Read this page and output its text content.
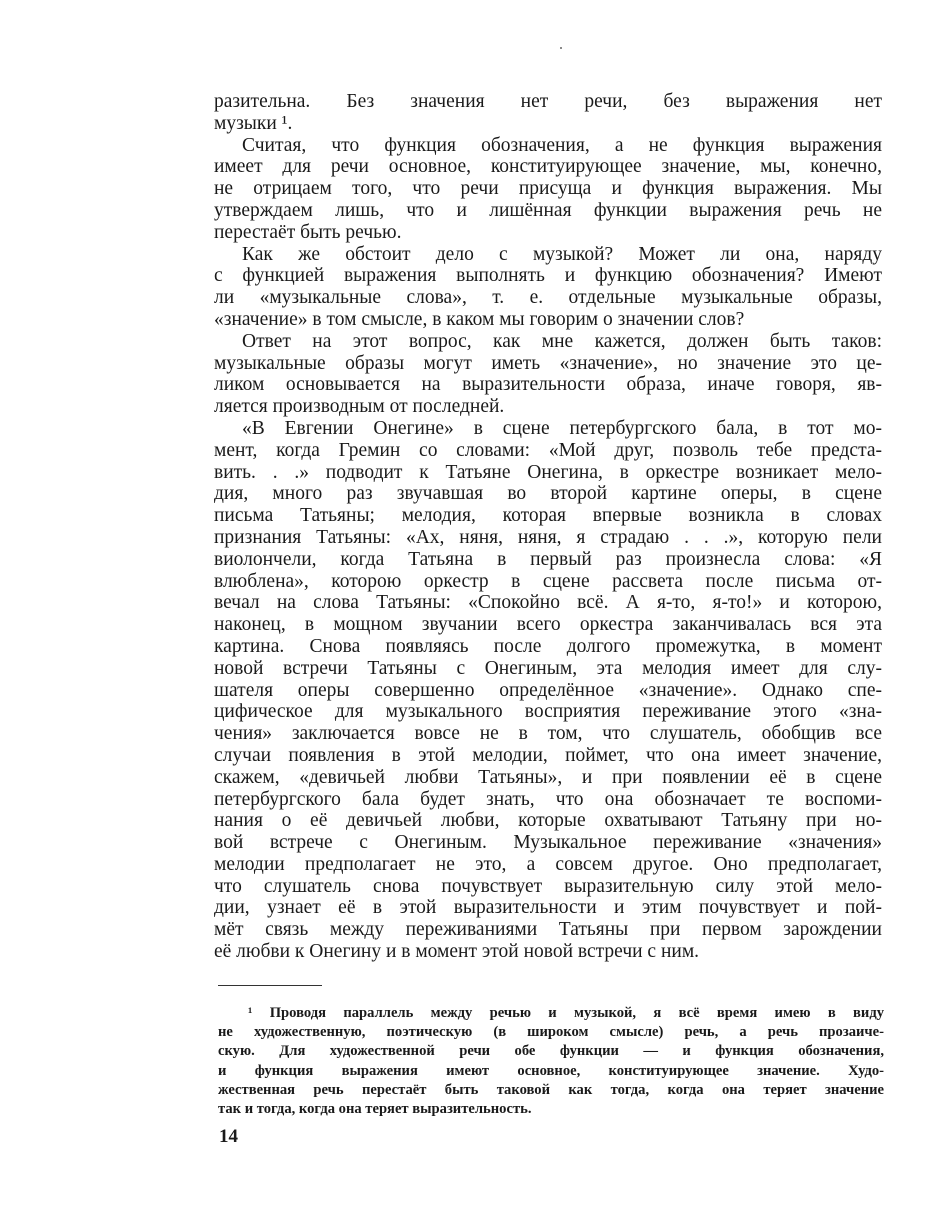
разительна. Без значения нет речи, без выражения нет
музыки ¹.
Считая, что функция обозначения, а не функция выражения
имеет для речи основное, конституирующее значение, мы, конечно,
не отрицаем того, что речи присуща и функция выражения. Мы
утверждаем лишь, что и лишённая функции выражения речь не
перестаёт быть речью.
Как же обстоит дело с музыкой? Может ли она, наряду
с функцией выражения выполнять и функцию обозначения? Имеют
ли «музыкальные слова», т. е. отдельные музыкальные образы,
«значение» в том смысле, в каком мы говорим о значении слов?
Ответ на этот вопрос, как мне кажется, должен быть таков:
музыкальные образы могут иметь «значение», но значение это це-
ликом основывается на выразительности образа, иначе говоря, яв-
ляется производным от последней.
«В Евгении Онегине» в сцене петербургского бала, в тот мо-
мент, когда Гремин со словами: «Мой друг, позволь тебе предста-
вить. . .» подводит к Татьяне Онегина, в оркестре возникает мело-
дия, много раз звучавшая во второй картине оперы, в сцене
письма Татьяны; мелодия, которая впервые возникла в словах
признания Татьяны: «Ах, няня, няня, я страдаю . . .», которую пели
виолончели, когда Татьяна в первый раз произнесла слова: «Я
влюблена», которою оркестр в сцене рассвета после письма от-
вечал на слова Татьяны: «Спокойно всё. А я-то, я-то!» и которою,
наконец, в мощном звучании всего оркестра заканчивалась вся эта
картина. Снова появляясь после долгого промежутка, в момент
новой встречи Татьяны с Онегиным, эта мелодия имеет для слу-
шателя оперы совершенно определённое «значение». Однако спе-
цифическое для музыкального восприятия переживание этого «зна-
чения» заключается вовсе не в том, что слушатель, обобщив все
случаи появления в этой мелодии, поймет, что она имеет значение,
скажем, «девичьей любви Татьяны», и при появлении её в сцене
петербургского бала будет знать, что она обозначает те воспоми-
нания о её девичьей любви, которые охватывают Татьяну при но-
вой встрече с Онегиным. Музыкальное переживание «значения»
мелодии предполагает не это, а совсем другое. Оно предполагает,
что слушатель снова почувствует выразительную силу этой мело-
дии, узнает её в этой выразительности и этим почувствует и пой-
мёт связь между переживаниями Татьяны при первом зарождении
её любви к Онегину и в момент этой новой встречи с ним.
¹ Проводя параллель между речью и музыкой, я всё время имею в виду
не художественную, поэтическую (в широком смысле) речь, а речь прозаиче-
скую. Для художественной речи обе функции — и функция обозначения,
и функция выражения имеют основное, конституирующее значение. Худо-
жественная речь перестаёт быть таковой как тогда, когда она теряет значение
так и тогда, когда она теряет выразительность.
14
